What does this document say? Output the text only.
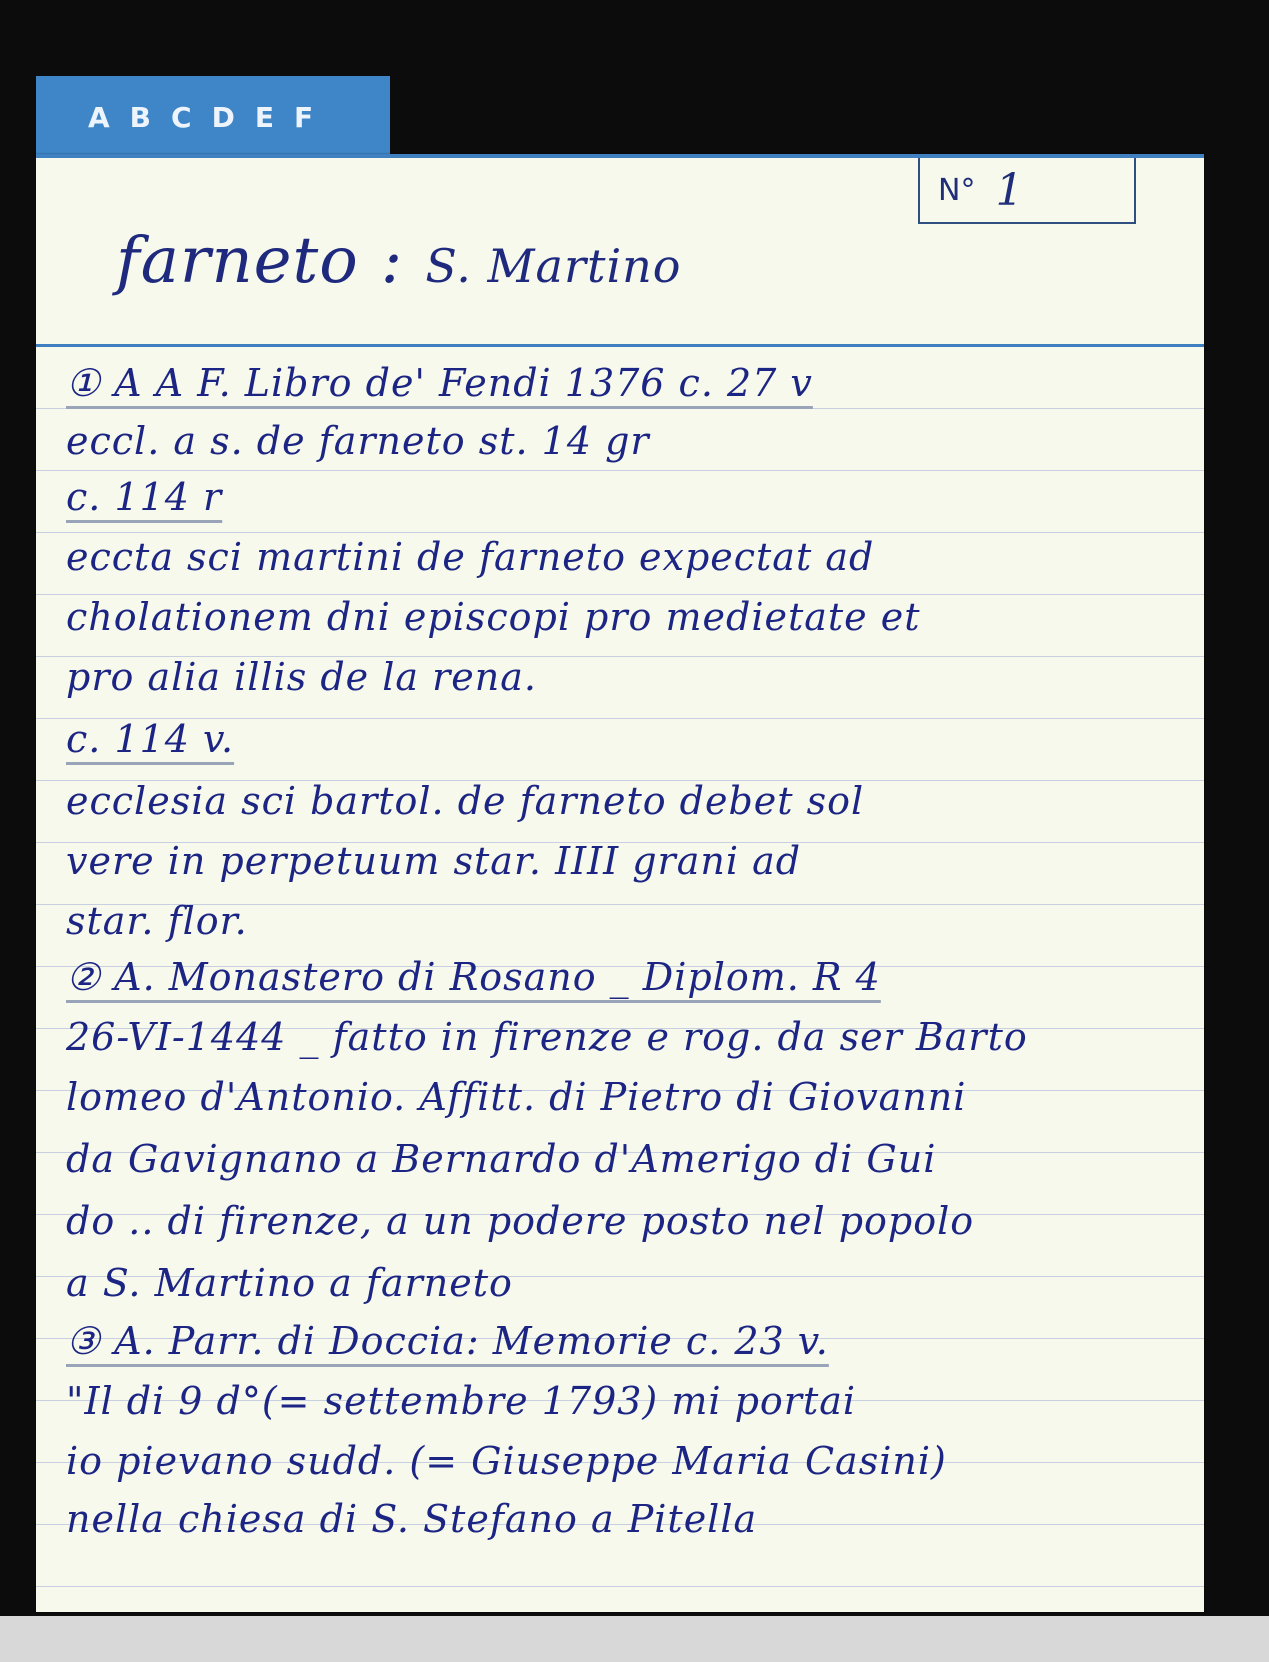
A B C D E F
N° 1
farneto : S. Martino
① A A F. Libro de' Fendi 1376 c. 27 v
eccl. a s. de farneto st. 14 gr
c. 114 r
eccta sci martini de farneto expectat ad
cholationem dni episcopi pro medietate et
pro alia illis de la rena.
c. 114 v.
ecclesia sci bartol. de farneto debet sol
vere in perpetuum star. IIII grani ad
star. flor.
② A. Monastero di Rosano _ Diplom. R 4
26-VI-1444 _ fatto in firenze e rog. da ser Barto
lomeo d'Antonio. Affitt. di Pietro di Giovanni
da Gavignano a Bernardo d'Amerigo di Gui
do .. di firenze, a un podere posto nel popolo
a S. Martino a farneto
③ A. Parr. di Doccia: Memorie c. 23 v.
"Il di 9 d°(= settembre 1793) mi portai
io pievano sudd. (= Giuseppe Maria Casini)
nella chiesa di S. Stefano a Pitella
